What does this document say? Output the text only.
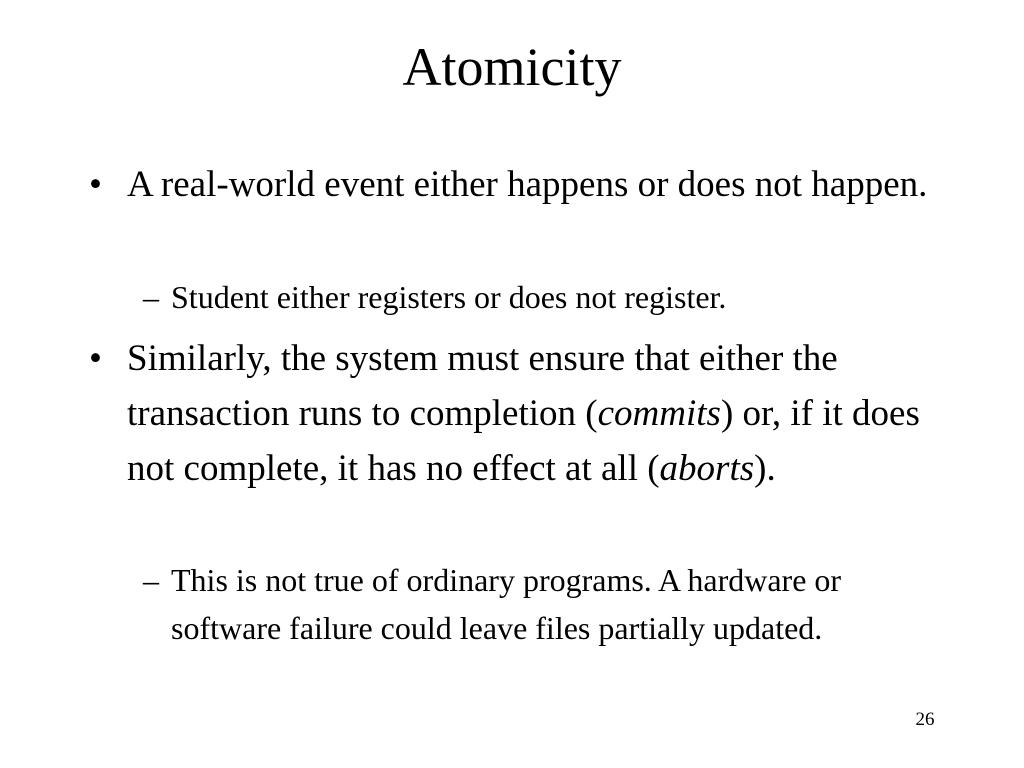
Atomicity
• A real-world event either happens or does not happen.
– Student either registers or does not register.
• Similarly, the system must ensure that either the transaction runs to completion (commits) or, if it does not complete, it has no effect at all (aborts).
– This is not true of ordinary programs. A hardware or software failure could leave files partially updated.
26
